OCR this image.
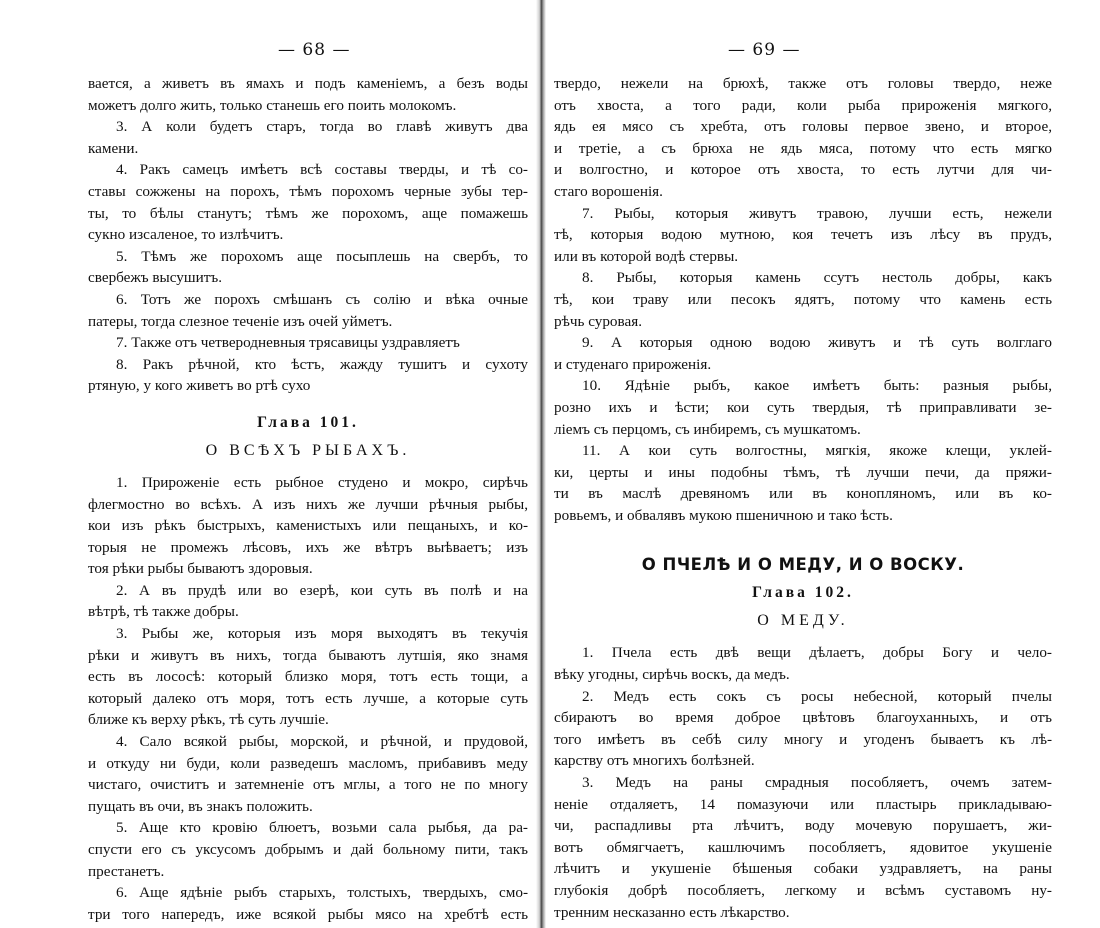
— 68 —
вается, а живетъ въ ямахъ и подъ каменіемъ, а безъ воды
можетъ долго жить, только станешь его поить молокомъ.
3. А коли будетъ старъ, тогда во главѣ живутъ два
камени.
4. Ракъ самецъ имѣетъ всѣ составы тверды, и тѣ со-
ставы сожжены на порохъ, тѣмъ порохомъ черные зубы тер-
ты, то бѣлы станутъ; тѣмъ же порохомъ, аще помажешь
сукно изсаленое, то излѣчитъ.
5. Тѣмъ же порохомъ аще посыплешь на свербъ, то
свербежъ высушитъ.
6. Тотъ же порохъ смѣшанъ съ солію и вѣка очные
патеры, тогда слезное теченіе изъ очей уйметъ.
7. Также отъ четверодневныя трясавицы уздравляетъ
8. Ракъ рѣчной, кто ѣстъ, жажду тушитъ и сухоту
ртяную, у кого живетъ во ртѣ сухо
Глава 101.
О ВСѢХЪ РЫБАХЪ.
1. Прироженіе есть рыбное студено и мокро, сирѣчь
флегмостно во всѣхъ. А изъ нихъ же лучши рѣчныя рыбы,
кои изъ рѣкъ быстрыхъ, каменистыхъ или пещаныхъ, и ко-
торыя не промежъ лѣсовъ, ихъ же вѣтръ выѣваетъ; изъ
тоя рѣки рыбы бываютъ здоровыя.
2. А въ прудѣ или во езерѣ, кои суть въ полѣ и на
вѣтрѣ, тѣ также добры.
3. Рыбы же, которыя изъ моря выходятъ въ текучія
рѣки и живутъ въ нихъ, тогда бываютъ лутшія, яко знамя
есть въ лососѣ: который близко моря, тотъ есть тощи, а
который далеко отъ моря, тотъ есть лучше, а которые суть
ближе къ верху рѣкъ, тѣ суть лучшіе.
4. Сало всякой рыбы, морской, и рѣчной, и прудовой,
и откуду ни буди, коли разведешъ масломъ, прибавивъ меду
чистаго, очиститъ и затемненіе отъ мглы, а того не по многу
пущать въ очи, въ знакъ положить.
5. Аще кто кровію блюетъ, возьми сала рыбья, да ра-
спусти его съ уксусомъ добрымъ и дай больному пити, такъ
престанетъ.
6. Аще ядѣніе рыбъ старыхъ, толстыхъ, твердыхъ, смо-
три того напередъ, иже всякой рыбы мясо на хребтѣ есть
— 69 —
твердо, нежели на брюхѣ, также отъ головы твердо, неже
отъ хвоста, а того ради, коли рыба прироженія мягкого,
ядь ея мясо съ хребта, отъ головы первое звено, и второе,
и третіе, а съ брюха не ядь мяса, потому что есть мягко
и волгостно, и которое отъ хвоста, то есть лутчи для чи-
стаго ворошенія.
7. Рыбы, которыя живутъ травою, лучши есть, нежели
тѣ, которыя водою мутною, коя течетъ изъ лѣсу въ прудъ,
или въ которой водѣ стервы.
8. Рыбы, которыя камень ссутъ нестоль добры, какъ
тѣ, кои траву или песокъ ядятъ, потому что камень есть
рѣчь суровая.
9. А которыя одною водою живутъ и тѣ суть волглаго
и студенаго прироженія.
10. Ядѣніе рыбъ, какое имѣетъ быть: разныя рыбы,
розно ихъ и ѣсти; кои суть твердыя, тѣ приправливати зе-
ліемъ съ перцомъ, съ инбиремъ, съ мушкатомъ.
11. А кои суть волгостны, мягкія, якоже клещи, уклей-
ки, церты и ины подобны тѣмъ, тѣ лучши печи, да пряжи-
ти въ маслѣ древяномъ или въ конопляномъ, или въ ко-
ровьемъ, и обвалявъ мукою пшеничною и тако ѣсть.
О ПЧЕЛѢ И О МЕДУ, И О ВОСКУ.
Глава 102.
О МЕДУ.
1. Пчела есть двѣ вещи дѣлаетъ, добры Богу и чело-
вѣку угодны, сирѣчь воскъ, да медъ.
2. Медъ есть сокъ съ росы небесной, который пчелы
сбираютъ во время доброе цвѣтовъ благоуханныхъ, и отъ
того имѣетъ въ себѣ силу многу и угоденъ бываетъ къ лѣ-
карству отъ многихъ болѣзней.
3. Медъ на раны смрадныя пособляетъ, очемъ затем-
неніе отдаляетъ, 14 помазуючи или пластырь прикладываю-
чи, распадливы рта лѣчитъ, воду мочевую порушаетъ, жи-
вотъ обмягчаетъ, кашлючимъ пособляетъ, ядовитое укушеніе
лѣчитъ и укушеніе бѣшеныя собаки уздравляетъ, на раны
глубокія добрѣ пособляетъ, легкому и всѣмъ суставомъ ну-
тренним несказанно есть лѣкарство.
